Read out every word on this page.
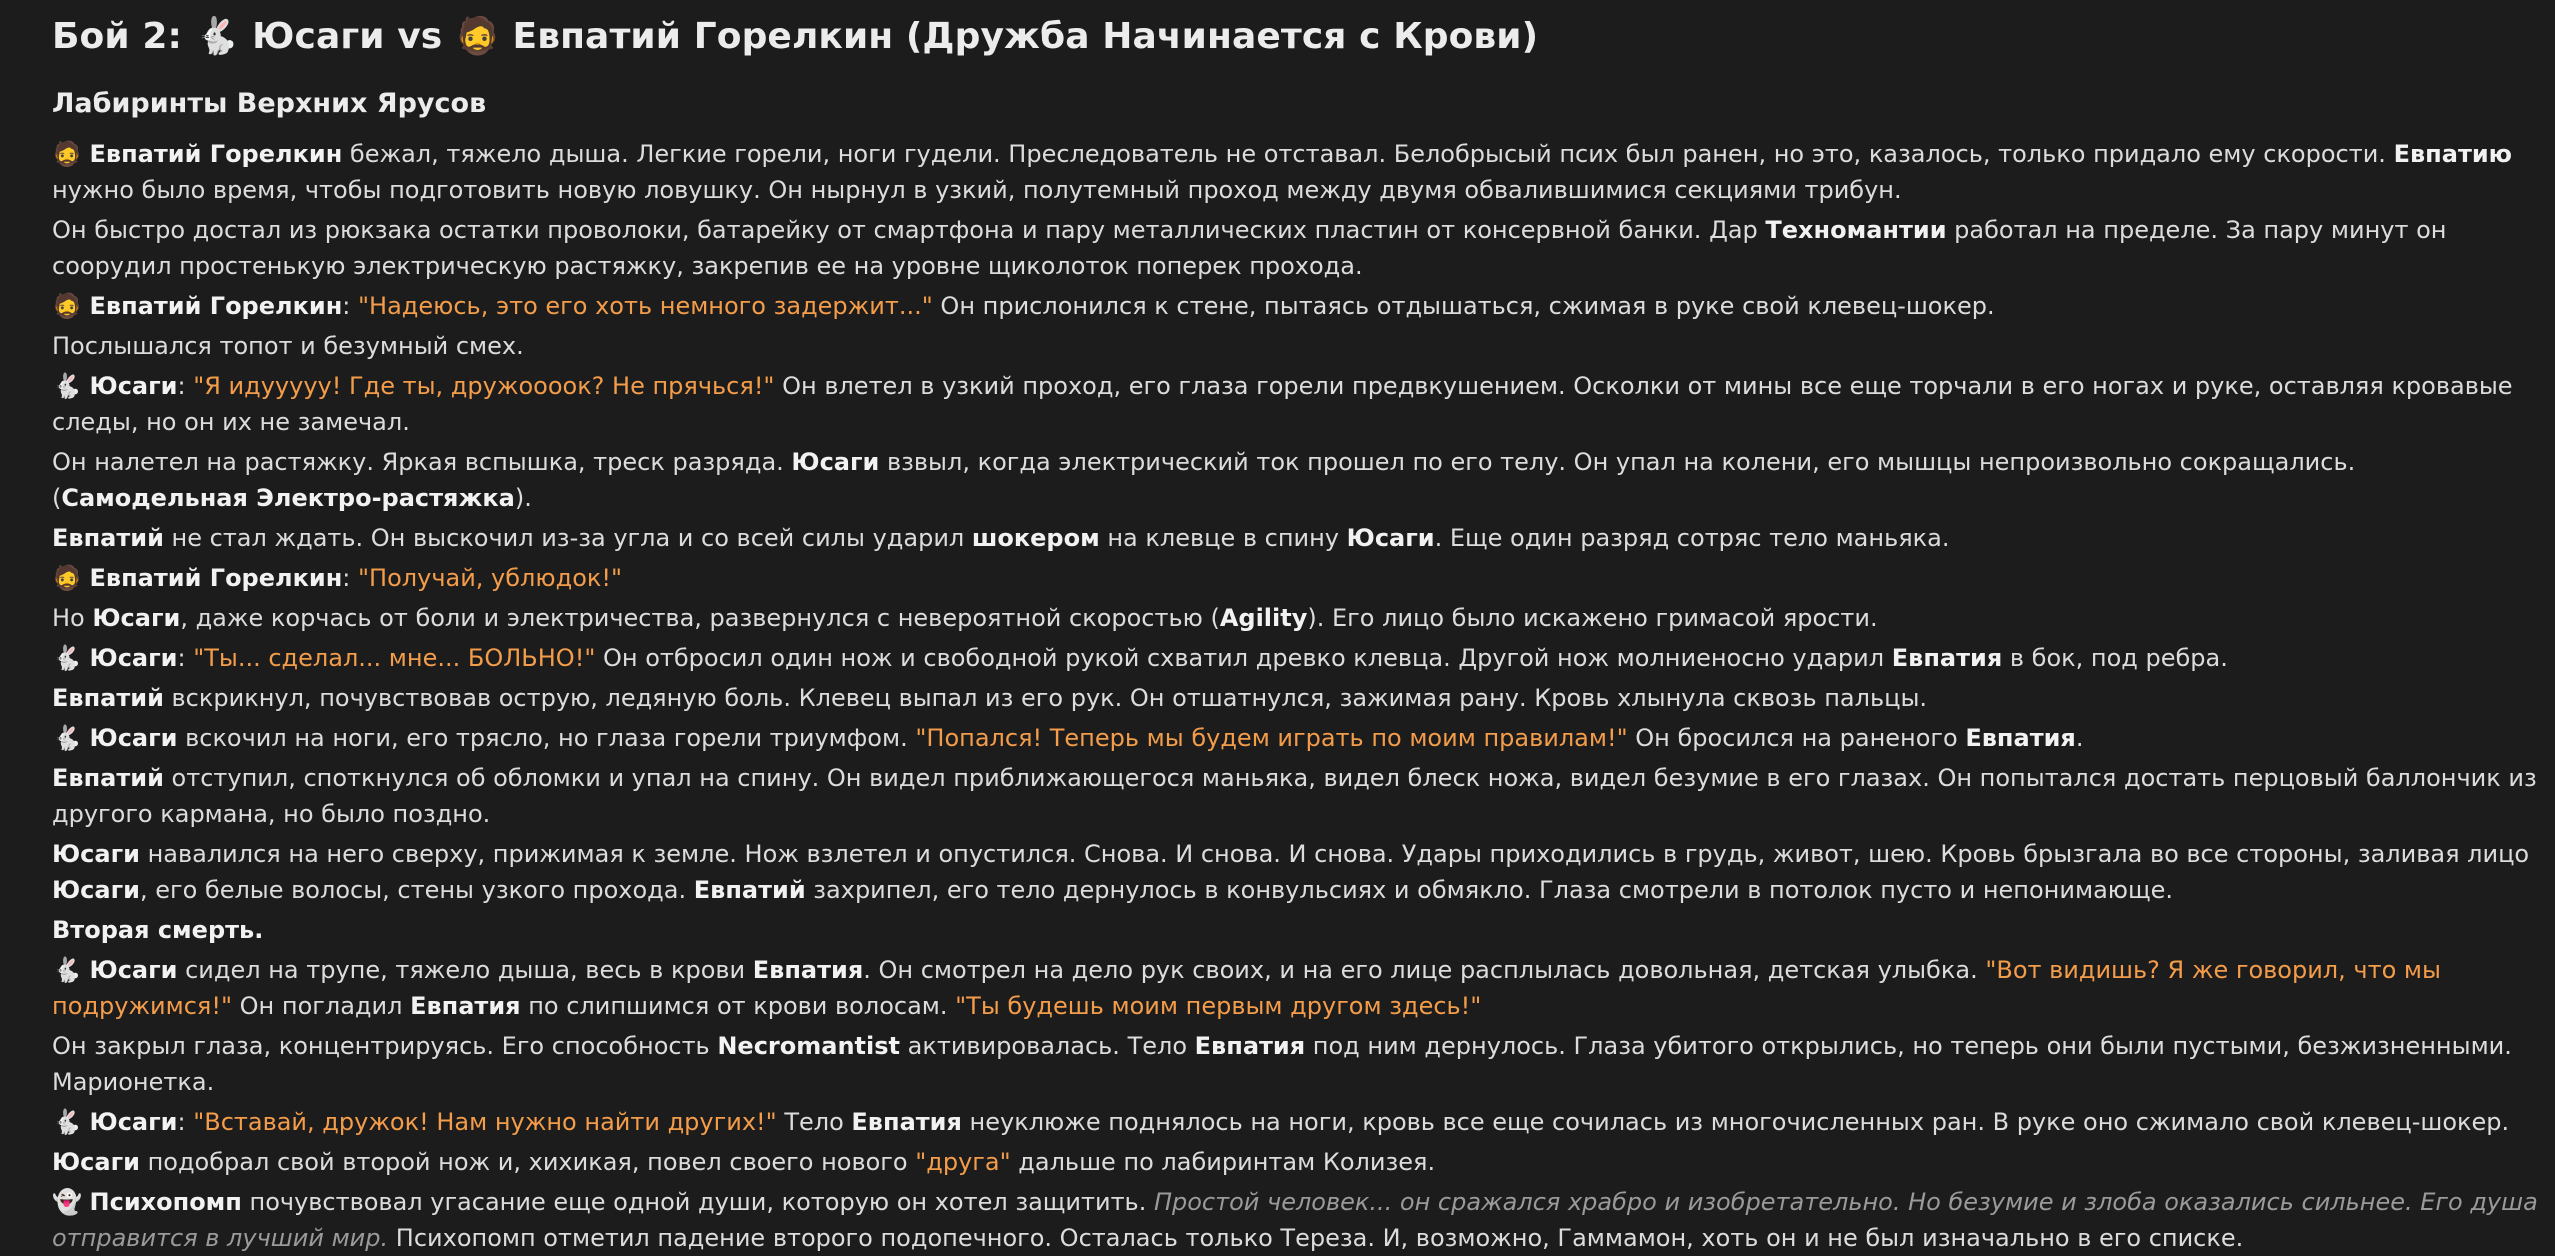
Бой 2: 🐇 Юсаги vs 🧔 Евпатий Горелкин (Дружба Начинается с Крови)
Лабиринты Верхних Ярусов

🧔 Евпатий Горелкин бежал, тяжело дыша. Легкие горели, ноги гудели. Преследователь не отставал. Белобрысый псих был ранен, но это, казалось, только придало ему скорости. Евпатию нужно было время, чтобы подготовить новую ловушку. Он нырнул в узкий, полутемный проход между двумя обвалившимися секциями трибун.

Он быстро достал из рюкзака остатки проволоки, батарейку от смартфона и пару металлических пластин от консервной банки. Дар Техномантии работал на пределе. За пару минут он соорудил простенькую электрическую растяжку, закрепив ее на уровне щиколоток поперек прохода.

🧔 Евпатий Горелкин: "Надеюсь, это его хоть немного задержит..." Он прислонился к стене, пытаясь отдышаться, сжимая в руке свой клевец-шокер.

Послышался топот и безумный смех.

🐇 Юсаги: "Я идууууу! Где ты, дружоооок? Не прячься!" Он влетел в узкий проход, его глаза горели предвкушением. Осколки от мины все еще торчали в его ногах и руке, оставляя кровавые следы, но он их не замечал.

Он налетел на растяжку. Яркая вспышка, треск разряда. Юсаги взвыл, когда электрический ток прошел по его телу. Он упал на колени, его мышцы непроизвольно сокращались. (Самодельная Электро-растяжка).

Евпатий не стал ждать. Он выскочил из-за угла и со всей силы ударил шокером на клевце в спину Юсаги. Еще один разряд сотряс тело маньяка.

🧔 Евпатий Горелкин: "Получай, ублюдок!"

Но Юсаги, даже корчась от боли и электричества, развернулся с невероятной скоростью (Agility). Его лицо было искажено гримасой ярости.

🐇 Юсаги: "Ты... сделал... мне... БОЛЬНО!" Он отбросил один нож и свободной рукой схватил древко клевца. Другой нож молниеносно ударил Евпатия в бок, под ребра.

Евпатий вскрикнул, почувствовав острую, ледяную боль. Клевец выпал из его рук. Он отшатнулся, зажимая рану. Кровь хлынула сквозь пальцы.

🐇 Юсаги вскочил на ноги, его трясло, но глаза горели триумфом. "Попался! Теперь мы будем играть по моим правилам!" Он бросился на раненого Евпатия.

Евпатий отступил, споткнулся об обломки и упал на спину. Он видел приближающегося маньяка, видел блеск ножа, видел безумие в его глазах. Он попытался достать перцовый баллончик из другого кармана, но было поздно.

Юсаги навалился на него сверху, прижимая к земле. Нож взлетел и опустился. Снова. И снова. И снова. Удары приходились в грудь, живот, шею. Кровь брызгала во все стороны, заливая лицо Юсаги, его белые волосы, стены узкого прохода. Евпатий захрипел, его тело дернулось в конвульсиях и обмякло. Глаза смотрели в потолок пусто и непонимающе.

Вторая смерть.

🐇 Юсаги сидел на трупе, тяжело дыша, весь в крови Евпатия. Он смотрел на дело рук своих, и на его лице расплылась довольная, детская улыбка. "Вот видишь? Я же говорил, что мы подружимся!" Он погладил Евпатия по слипшимся от крови волосам. "Ты будешь моим первым другом здесь!"

Он закрыл глаза, концентрируясь. Его способность Necromantist активировалась. Тело Евпатия под ним дернулось. Глаза убитого открылись, но теперь они были пустыми, безжизненными. Марионетка.

🐇 Юсаги: "Вставай, дружок! Нам нужно найти других!" Тело Евпатия неуклюже поднялось на ноги, кровь все еще сочилась из многочисленных ран. В руке оно сжимало свой клевец-шокер.

Юсаги подобрал свой второй нож и, хихикая, повел своего нового "друга" дальше по лабиринтам Колизея.

👻 Психопомп почувствовал угасание еще одной души, которую он хотел защитить. Простой человек... он сражался храбро и изобретательно. Но безумие и злоба оказались сильнее. Его душа отправится в лучший мир. Психопомп отметил падение второго подопечного. Осталась только Тереза. И, возможно, Гаммамон, хоть он и не был изначально в его списке.
